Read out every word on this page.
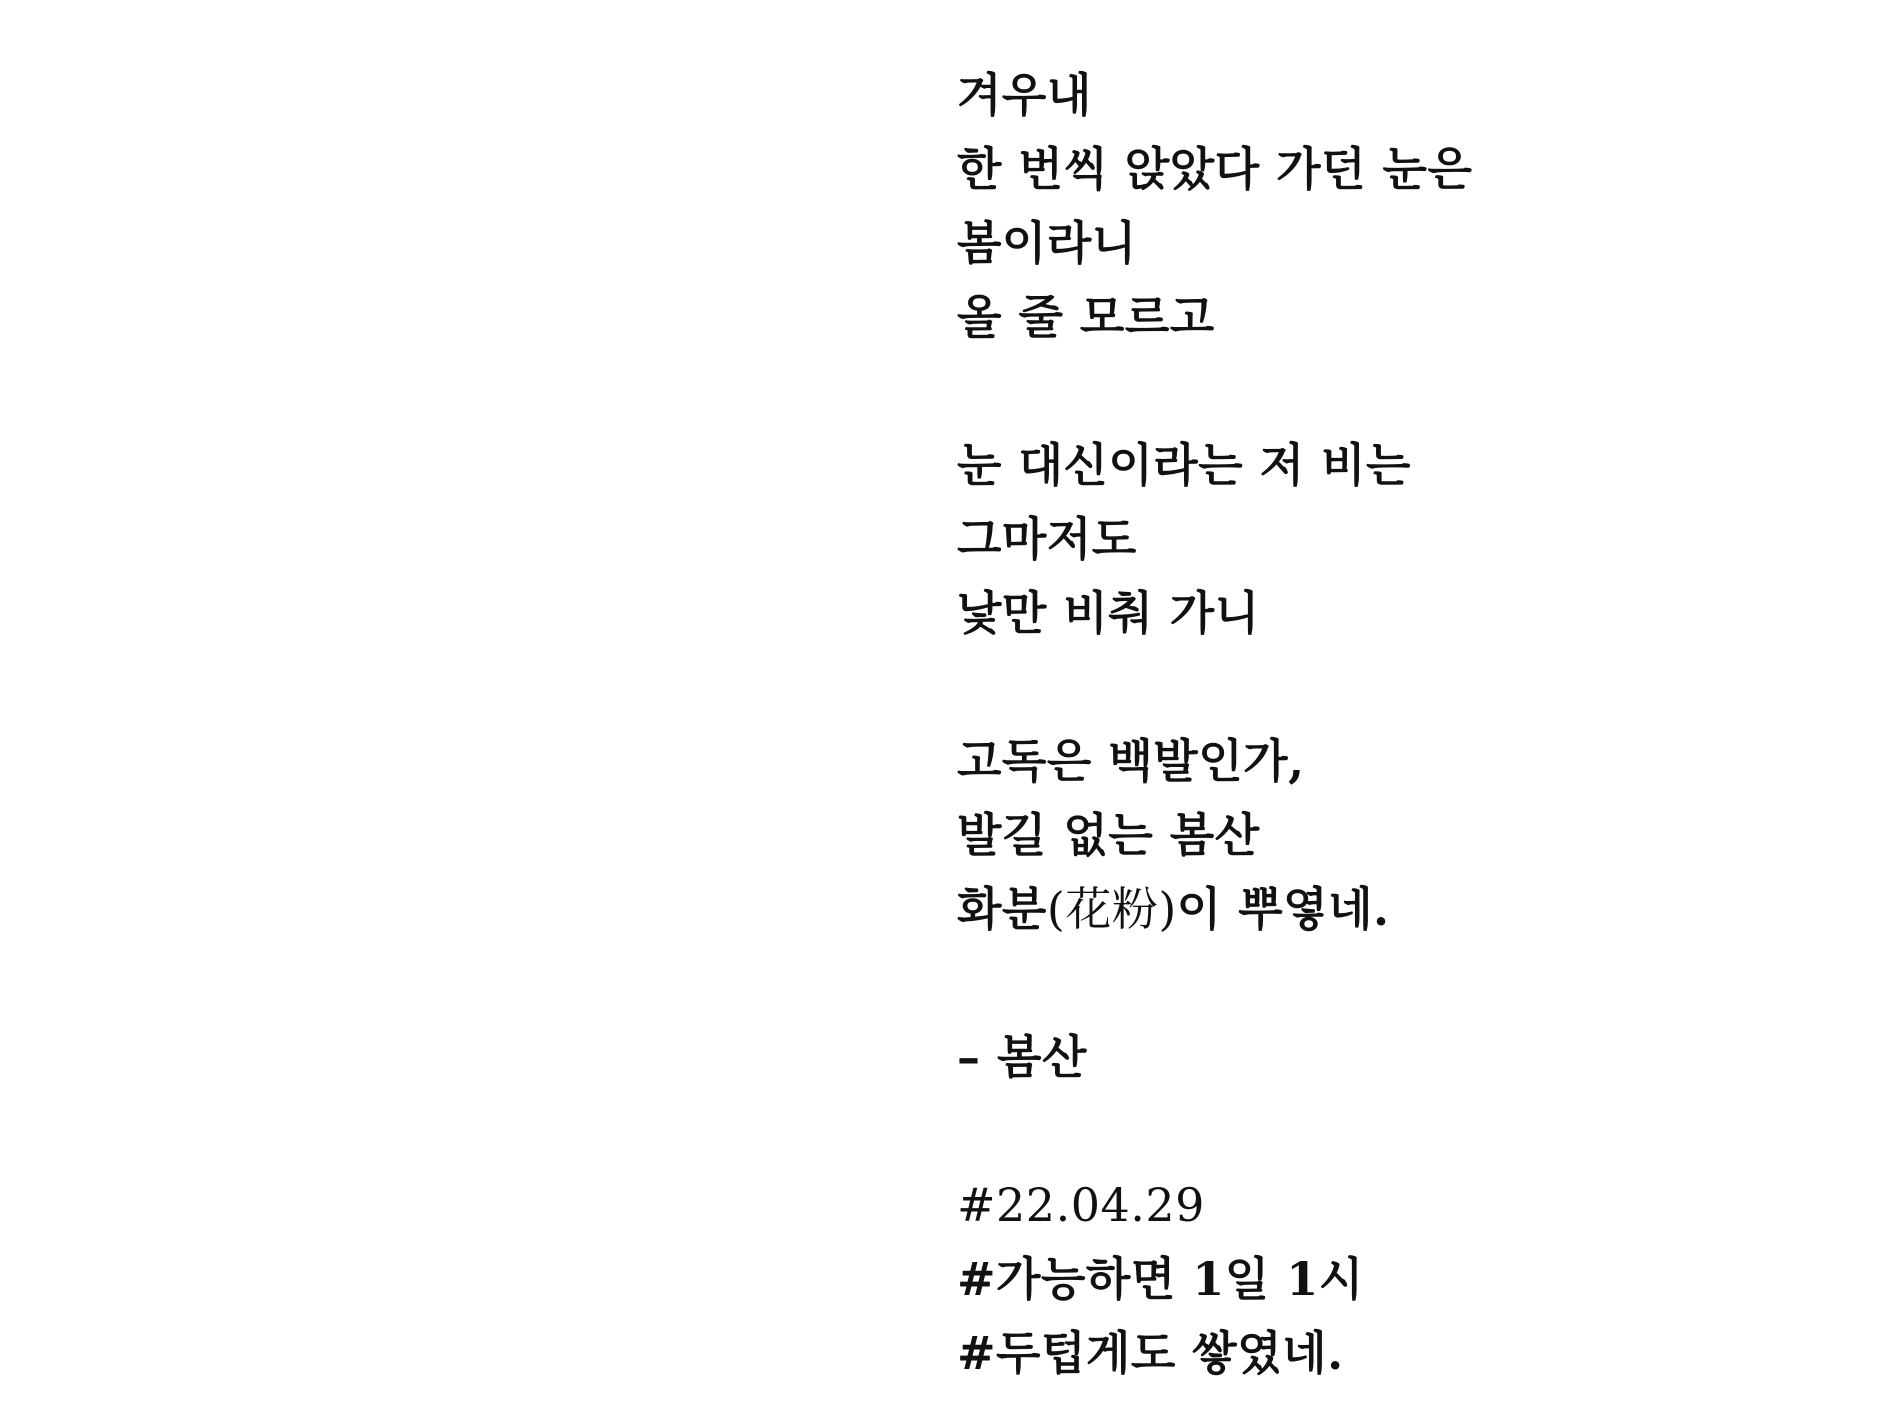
겨우내
한 번씩 앉았다 가던 눈은
봄이라니
올 줄 모르고
눈 대신이라는 저 비는
그마저도
낯만 비춰 가니
고독은 백발인가,
발길 없는 봄산
화분(花粉)이 뿌옇네.
– 봄산
#22.04.29
#가능하면 1일 1시
#두텁게도 쌓였네.
